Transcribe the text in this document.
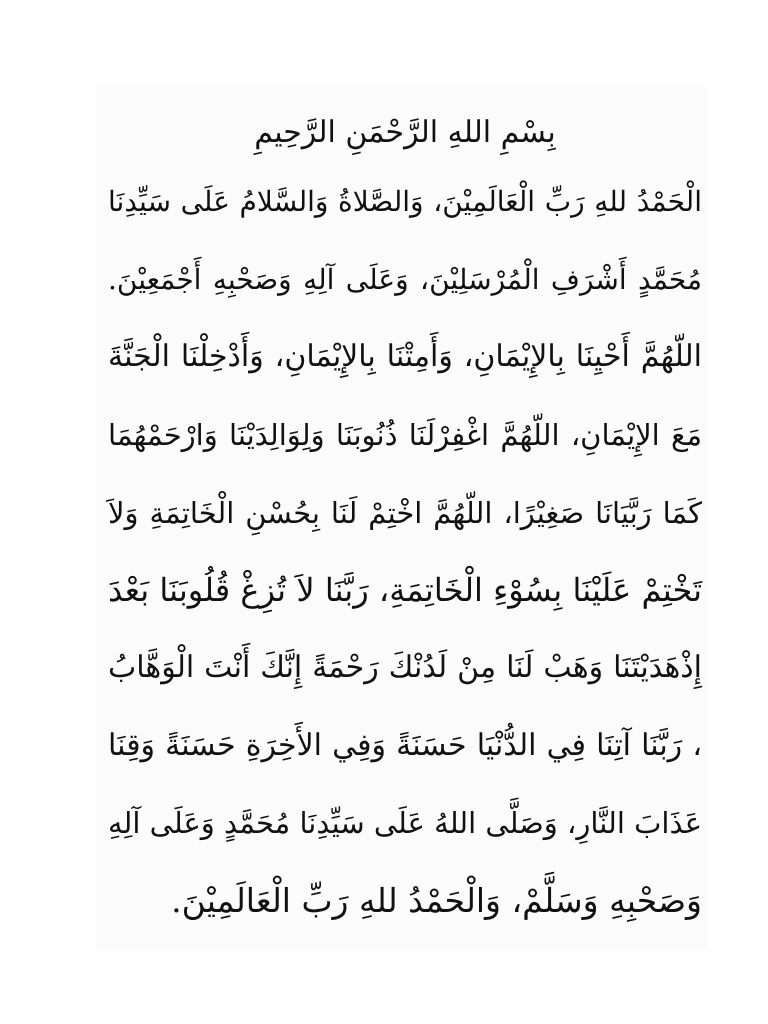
بِسْمِ اللهِ الرَّحْمَنِ الرَّحِيمِ
الْحَمْدُ للهِ رَبِّ الْعَالَمِيْنَ، وَالصَّلاةُ وَالسَّلامُ عَلَى سَيِّدِنَا
مُحَمَّدٍ أَشْرَفِ الْمُرْسَلِيْنَ، وَعَلَى آلِهِ وَصَحْبِهِ أَجْمَعِيْنَ.
اللّهُمَّ أَحْيِنَا بِالإِيْمَانِ، وَأَمِتْنَا بِالإِيْمَانِ، وَأَدْخِلْنَا الْجَنَّةَ
مَعَ الإِيْمَانِ، اللّهُمَّ اغْفِرْلَنَا ذُنُوبَنَا وَلِوَالِدَيْنَا وَارْحَمْهُمَا
كَمَا رَبَّيَانَا صَغِيْرًا، اللّهُمَّ اخْتِمْ لَنَا بِحُسْنِ الْخَاتِمَةِ وَلاَ
تَخْتِمْ عَلَيْنَا بِسُوْءِ الْخَاتِمَةِ، رَبَّنَا لاَ تُزِغْ قُلُوبَنَا بَعْدَ
إِذْهَدَيْتَنَا وَهَبْ لَنَا مِنْ لَدُنْكَ رَحْمَةً إِنَّكَ أَنْتَ الْوَهَّابُ
، رَبَّنَا آتِنَا فِي الدُّنْيَا حَسَنَةً وَفِي الأَخِرَةِ حَسَنَةً وَقِنَا
عَذَابَ النَّارِ، وَصَلَّى اللهُ عَلَى سَيِّدِنَا مُحَمَّدٍ وَعَلَى آلِهِ
وَصَحْبِهِ وَسَلَّمْ، وَالْحَمْدُ للهِ رَبِّ الْعَالَمِيْنَ.
